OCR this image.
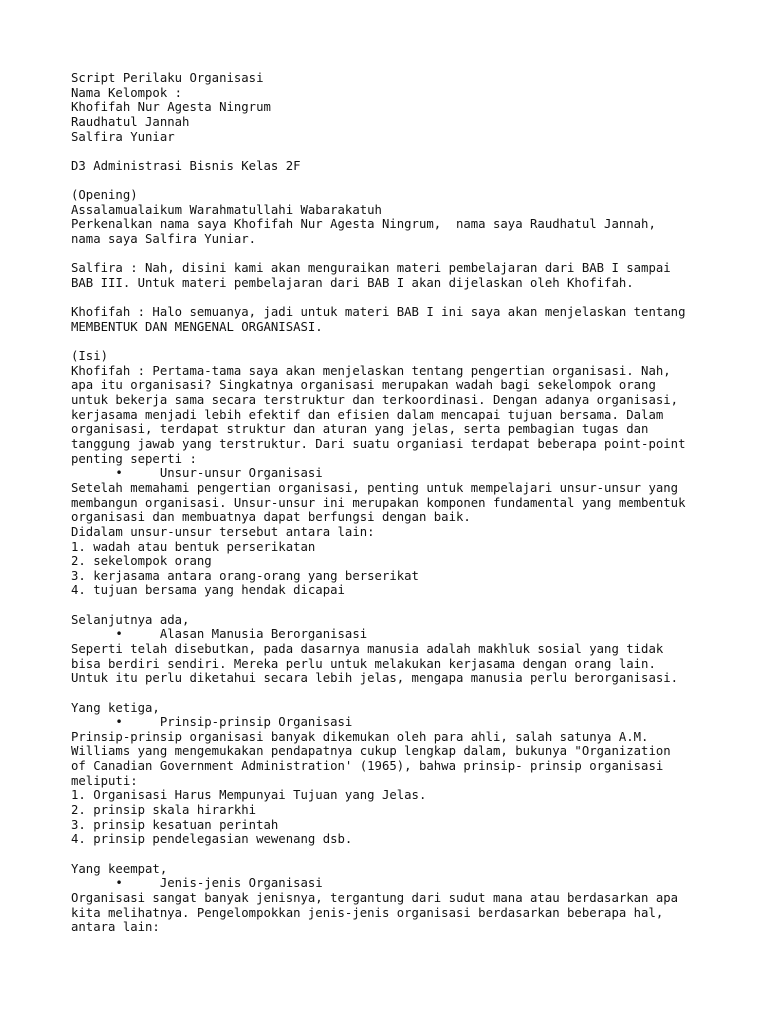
Script Perilaku Organisasi
Nama Kelompok :
Khofifah Nur Agesta Ningrum
Raudhatul Jannah
Salfira Yuniar
D3 Administrasi Bisnis Kelas 2F
(Opening)
Assalamualaikum Warahmatullahi Wabarakatuh
Perkenalkan nama saya Khofifah Nur Agesta Ningrum,  nama saya Raudhatul Jannah,
nama saya Salfira Yuniar.
Salfira : Nah, disini kami akan menguraikan materi pembelajaran dari BAB I sampai
BAB III. Untuk materi pembelajaran dari BAB I akan dijelaskan oleh Khofifah.
Khofifah : Halo semuanya, jadi untuk materi BAB I ini saya akan menjelaskan tentang
MEMBENTUK DAN MENGENAL ORGANISASI.
(Isi)
Khofifah : Pertama-tama saya akan menjelaskan tentang pengertian organisasi. Nah,
apa itu organisasi? Singkatnya organisasi merupakan wadah bagi sekelompok orang
untuk bekerja sama secara terstruktur dan terkoordinasi. Dengan adanya organisasi,
kerjasama menjadi lebih efektif dan efisien dalam mencapai tujuan bersama. Dalam
organisasi, terdapat struktur dan aturan yang jelas, serta pembagian tugas dan
tanggung jawab yang terstruktur. Dari suatu organiasi terdapat beberapa point-point
penting seperti :
•     Unsur-unsur Organisasi
Setelah memahami pengertian organisasi, penting untuk mempelajari unsur-unsur yang
membangun organisasi. Unsur-unsur ini merupakan komponen fundamental yang membentuk
organisasi dan membuatnya dapat berfungsi dengan baik.
Didalam unsur-unsur tersebut antara lain:
1. wadah atau bentuk perserikatan
2. sekelompok orang
3. kerjasama antara orang-orang yang berserikat
4. tujuan bersama yang hendak dicapai
Selanjutnya ada,
•     Alasan Manusia Berorganisasi
Seperti telah disebutkan, pada dasarnya manusia adalah makhluk sosial yang tidak
bisa berdiri sendiri. Mereka perlu untuk melakukan kerjasama dengan orang lain.
Untuk itu perlu diketahui secara lebih jelas, mengapa manusia perlu berorganisasi.
Yang ketiga,
•     Prinsip-prinsip Organisasi
Prinsip-prinsip organisasi banyak dikemukan oleh para ahli, salah satunya A.M.
Williams yang mengemukakan pendapatnya cukup lengkap dalam, bukunya "Organization
of Canadian Government Administration' (1965), bahwa prinsip- prinsip organisasi
meliputi:
1. Organisasi Harus Mempunyai Tujuan yang Jelas.
2. prinsip skala hirarkhi
3. prinsip kesatuan perintah
4. prinsip pendelegasian wewenang dsb.
Yang keempat,
•     Jenis-jenis Organisasi
Organisasi sangat banyak jenisnya, tergantung dari sudut mana atau berdasarkan apa
kita melihatnya. Pengelompokkan jenis-jenis organisasi berdasarkan beberapa hal,
antara lain:
